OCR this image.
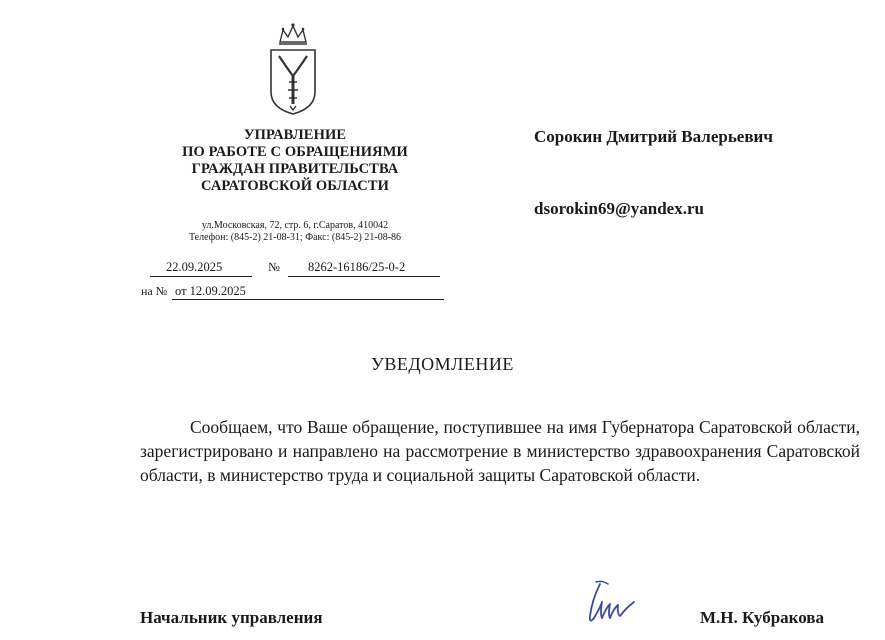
УПРАВЛЕНИЕ
ПО РАБОТЕ С ОБРАЩЕНИЯМИ
ГРАЖДАН ПРАВИТЕЛЬСТВА
САРАТОВСКОЙ ОБЛАСТИ
ул.Московская, 72, стр. 6, г.Саратов, 410042
Телефон: (845-2) 21-08-31; Факс: (845-2) 21-08-86
22.09.2025	№ 8262-16186/25-0-2
на № от 12.09.2025
Сорокин Дмитрий Валерьевич
dsorokin69@yandex.ru
УВЕДОМЛЕНИЕ

Сообщаем, что Ваше обращение, поступившее на имя Губернатора Саратовской области, зарегистрировано и направлено на рассмотрение в министерство здравоохранения Саратовской области, в министерство труда и социальной защиты Саратовской области.

Начальник управления	М.Н. Кубракова
